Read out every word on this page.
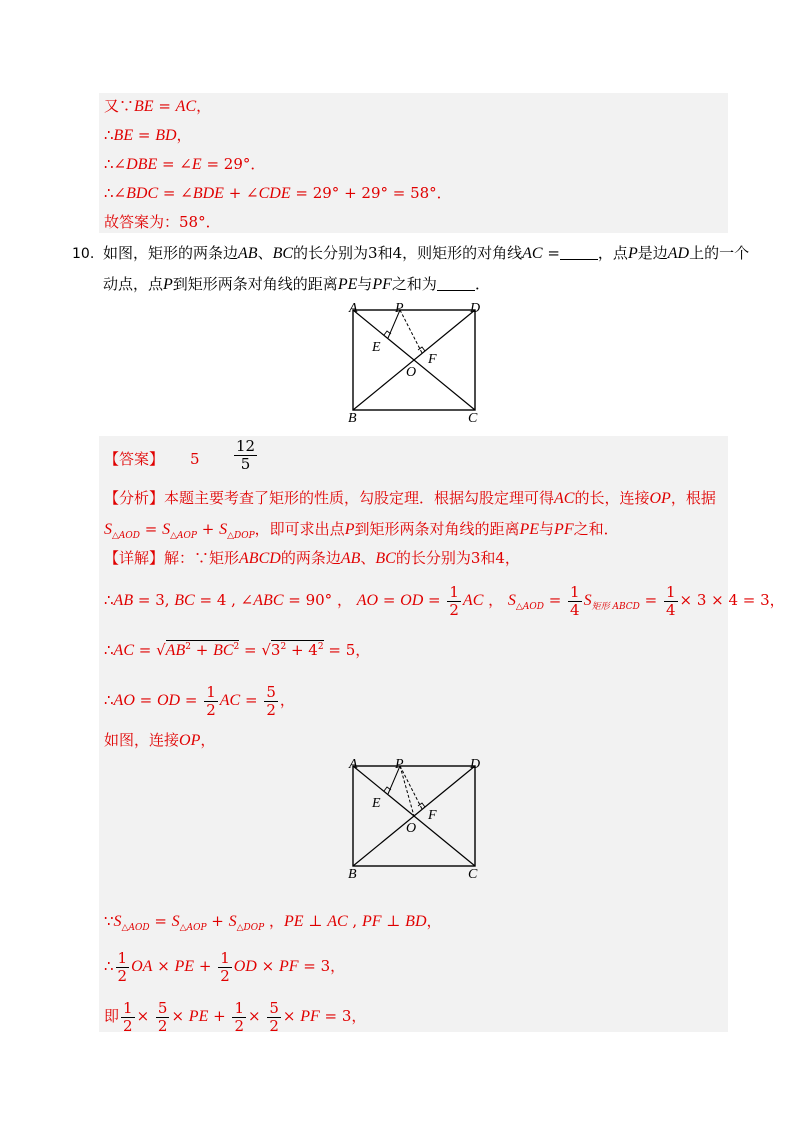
又∵BE = AC，
∴BE = BD，
∴∠DBE = ∠E = 29°．
∴∠BDC = ∠BDE + ∠CDE = 29° + 29° = 58°．
故答案为：58°．
10. 如图，矩形的两条边AB、BC的长分别为3和4，则矩形的对角线AC =	，点P是边AD上的一个
动点，点P到矩形两条对角线的距离PE与PF之和为	．
A	P	D
E
F
O
B	C
【答案】 $5 \frac{12}{5}$
【分析】本题主要考查了矩形的性质，勾股定理．根据勾股定理可得AC的长，连接OP，根据
$S_{\triangle AOD} = S_{\triangle AOP} + S_{\triangle DOP}$，即可求出点P到矩形两条对角线的距离PE与PF之和．
【详解】解：∵矩形ABCD的两条边AB、BC的长分别为3和4，
∴AB = 3, BC = 4 , ∠ABC = 90° ， AO = OD = $\frac{1}{2}$ AC ， $S_{\triangle AOD} = \frac{1}{4} S_{矩形 ABCD} = \frac{1}{4} \times 3 \times 4 = 3$，
∴AC = $√AB^2 + BC^2 = √3^2 + 4^2 = 5$，
∴AO = OD = $\frac{1}{2}$ AC = $\frac{5}{2}$ ，
如图，连接OP，
A	P	D
E
F
O
B	C
$\because S_{\triangle AOD} = S_{\triangle AOP} + S_{\triangle DOP}$ ，PE ⊥ AC , PF ⊥ BD，
∴ $\frac{1}{2}$ OA × PE + $\frac{1}{2}$ OD × PF = 3，
即 $\frac{1}{2} \times \frac{5}{2}$ × PE + $\frac{1}{2} \times \frac{5}{2}$ × PF = 3，
